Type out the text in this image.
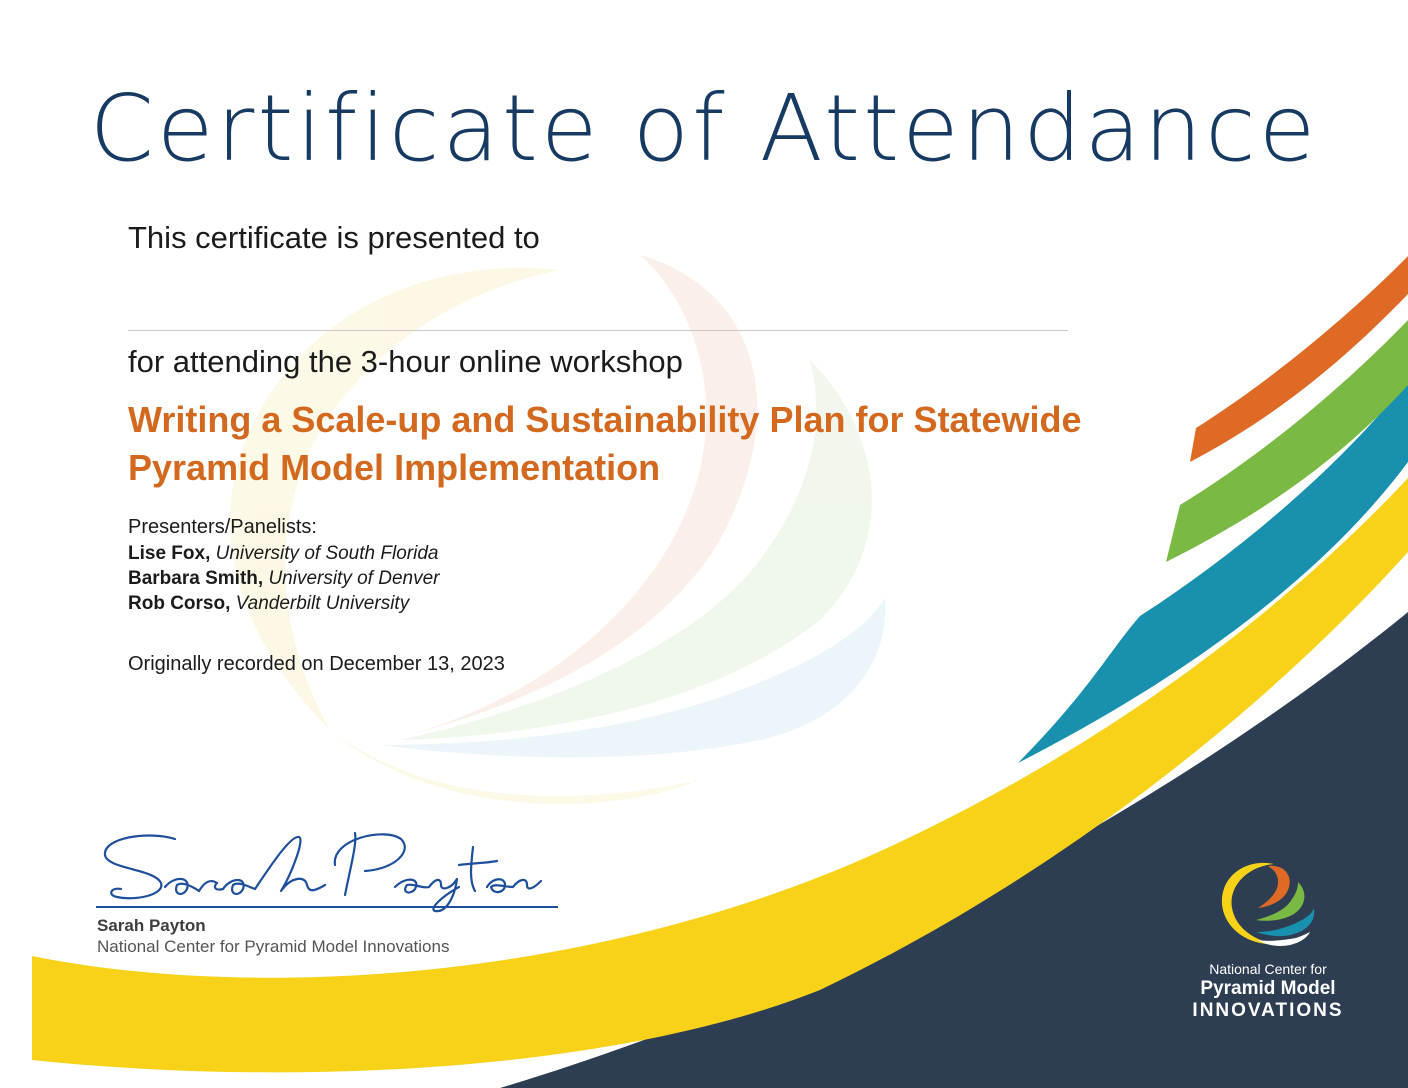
Certificate of Attendance

This certificate is presented to

for attending the 3-hour online workshop

Writing a Scale-up and Sustainability Plan for Statewide Pyramid Model Implementation

Presenters/Panelists:

Lise Fox, University of South Florida

Barbara Smith, University of Denver

Rob Corso, Vanderbilt University

Originally recorded on December 13, 2023

Sarah Payton

National Center for Pyramid Model Innovations

National Center for
Pyramid Model
INNOVATIONS
